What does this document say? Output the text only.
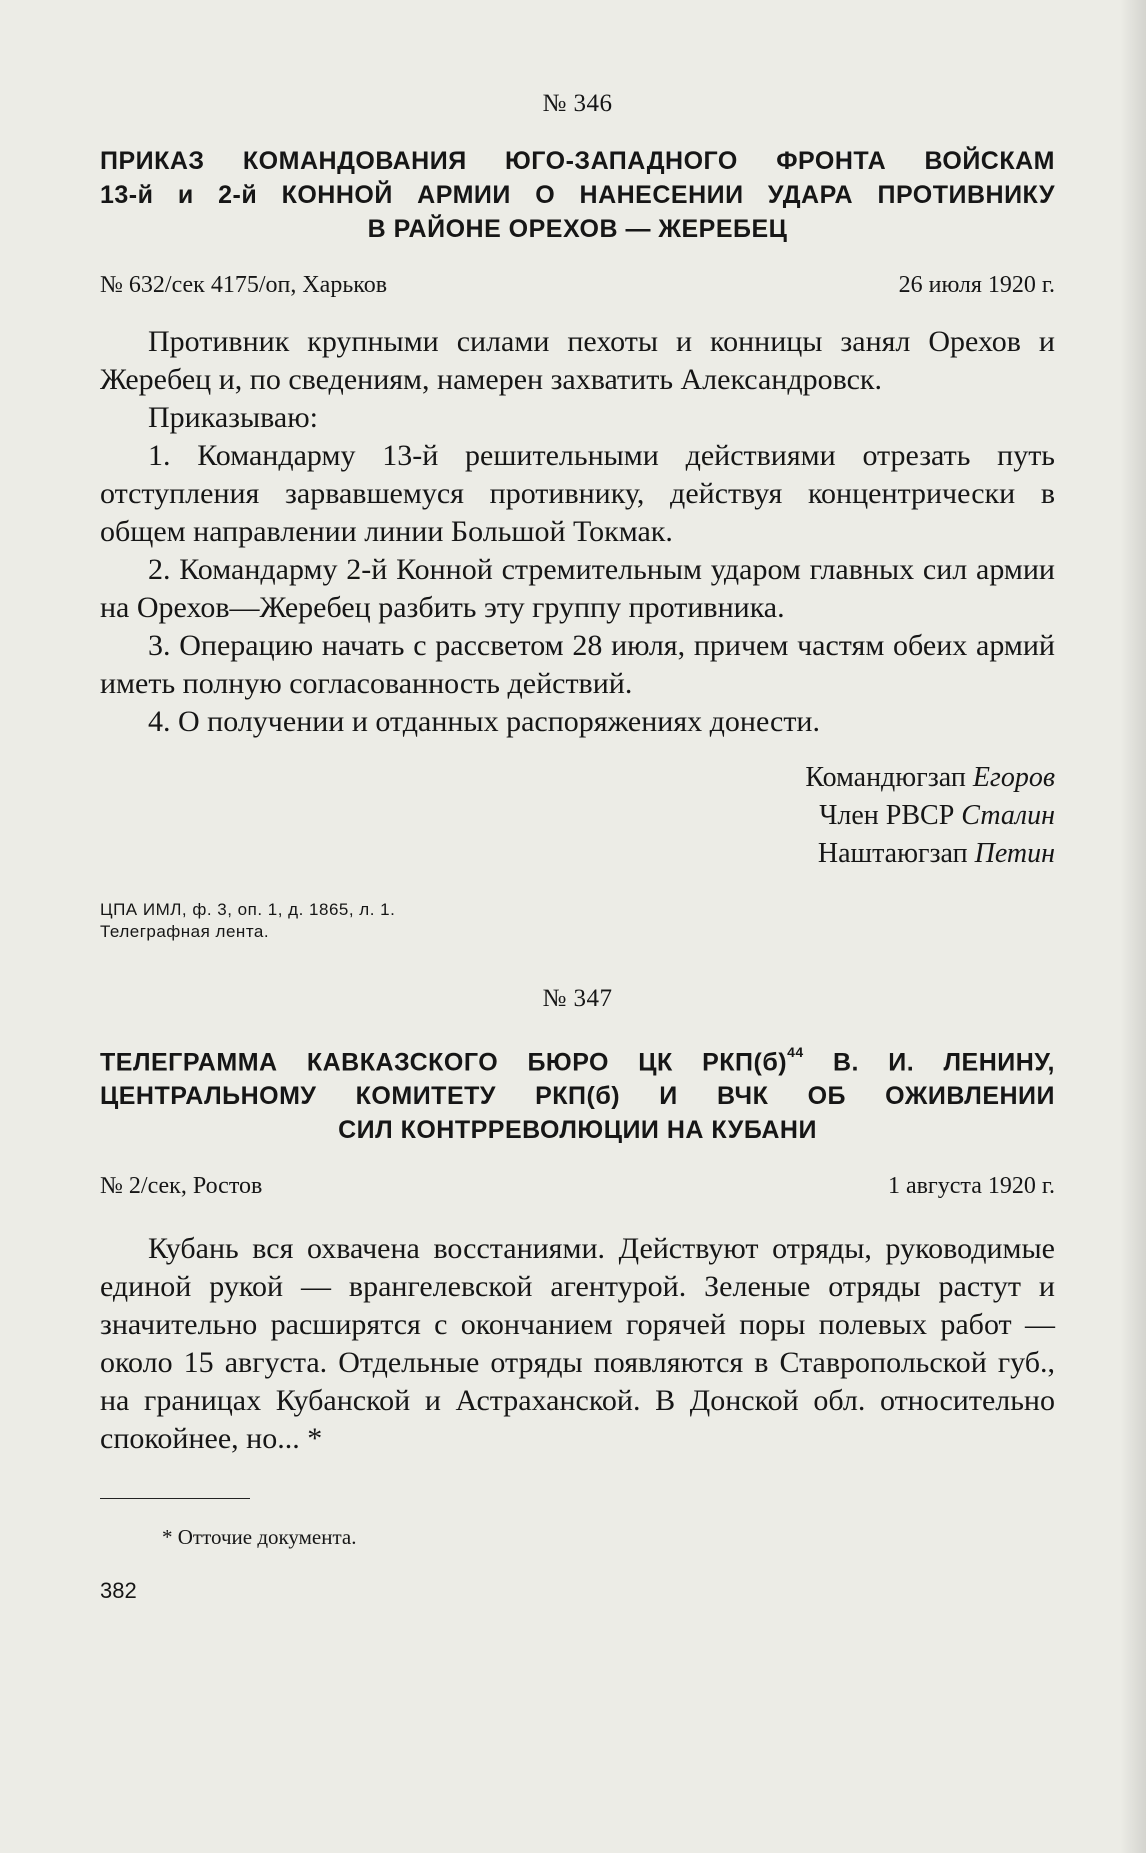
№ 346
ПРИКАЗ КОМАНДОВАНИЯ ЮГО-ЗАПАДНОГО ФРОНТА ВОЙСКАМ
13-й и 2-й КОННОЙ АРМИИ О НАНЕСЕНИИ УДАРА ПРОТИВНИКУ
В РАЙОНЕ ОРЕХОВ — ЖЕРЕБЕЦ
№ 632/сек 4175/оп, Харьков	26 июля 1920 г.

Противник крупными силами пехоты и конницы занял Орехов и Жеребец и, по сведениям, намерен захватить Александровск.

Приказываю:

1. Командарму 13-й решительными действиями отрезать путь отступления зарвавшемуся противнику, действуя концентрически в общем направлении линии Большой Токмак.

2. Командарму 2-й Конной стремительным ударом главных сил армии на Орехов—Жеребец разбить эту группу противника.

3. Операцию начать с рассветом 28 июля, причем частям обеих армий иметь полную согласованность действий.

4. О получении и отданных распоряжениях донести.

Командюгзап Егоров
Член РВСР Сталин
Наштаюгзап Петин
ЦПА ИМЛ, ф. 3, оп. 1, д. 1865, л. 1.
Телеграфная лента.
№ 347
ТЕЛЕГРАММА КАВКАЗСКОГО БЮРО ЦК $РКП(б)^{44}$ В. И. ЛЕНИНУ,
ЦЕНТРАЛЬНОМУ КОМИТЕТУ РКП(б) И ВЧК ОБ ОЖИВЛЕНИИ
СИЛ КОНТРРЕВОЛЮЦИИ НА КУБАНИ
№ 2/сек, Ростов	1 августа 1920 г.

Кубань вся охвачена восстаниями. Действуют отряды, руководимые единой рукой — врангелевской агентурой. Зеленые отряды растут и значительно расширятся с окончанием горячей поры полевых работ — около 15 августа. Отдельные отряды появляются в Ставропольской губ., на границах Кубанской и Астраханской. В Донской обл. относительно спокойнее, но... *

* Отточие документа.
382
